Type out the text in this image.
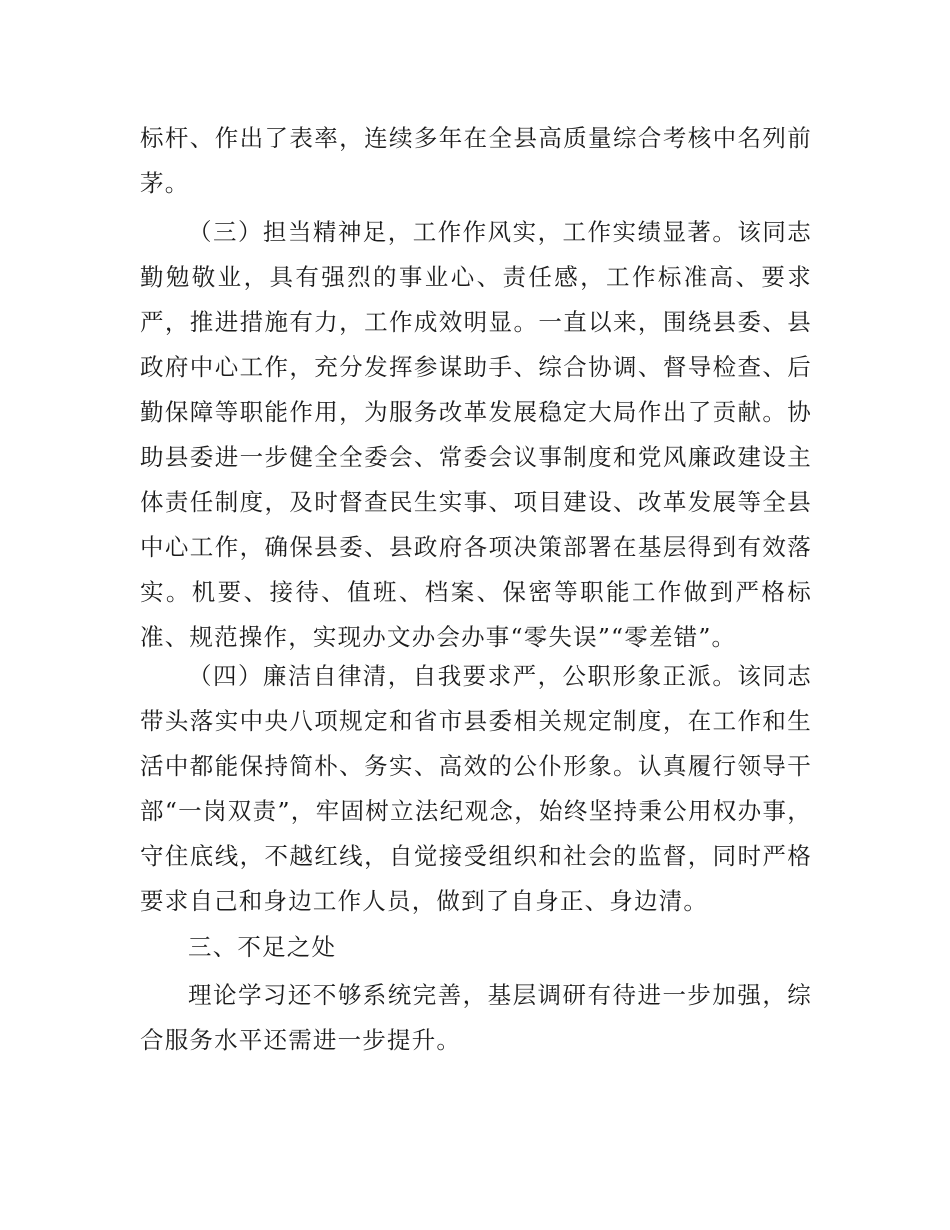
标杆、作出了表率，连续多年在全县高质量综合考核中名列前茅。

（三）担当精神足，工作作风实，工作实绩显著。该同志勤勉敬业，具有强烈的事业心、责任感，工作标准高、要求严，推进措施有力，工作成效明显。一直以来，围绕县委、县政府中心工作，充分发挥参谋助手、综合协调、督导检查、后勤保障等职能作用，为服务改革发展稳定大局作出了贡献。协助县委进一步健全全委会、常委会议事制度和党风廉政建设主体责任制度，及时督查民生实事、项目建设、改革发展等全县中心工作，确保县委、县政府各项决策部署在基层得到有效落实。机要、接待、值班、档案、保密等职能工作做到严格标准、规范操作，实现办文办会办事“零失误”“零差错”。

（四）廉洁自律清，自我要求严，公职形象正派。该同志带头落实中央八项规定和省市县委相关规定制度，在工作和生活中都能保持简朴、务实、高效的公仆形象。认真履行领导干部“一岗双责”，牢固树立法纪观念，始终坚持秉公用权办事，守住底线，不越红线，自觉接受组织和社会的监督，同时严格要求自己和身边工作人员，做到了自身正、身边清。

三、不足之处

理论学习还不够系统完善，基层调研有待进一步加强，综合服务水平还需进一步提升。
